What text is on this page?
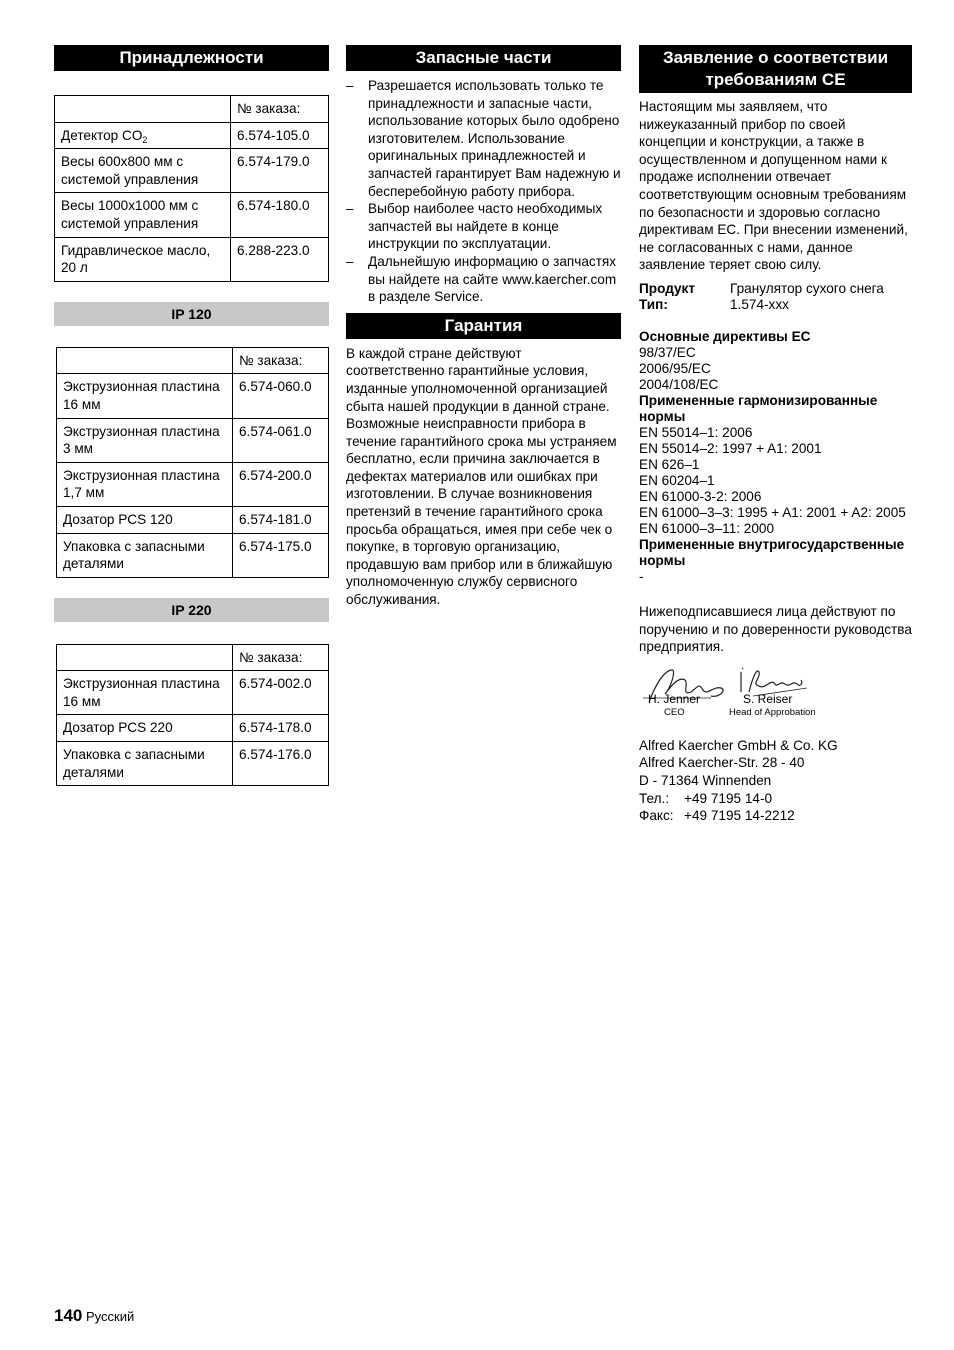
Принадлежности
	№ заказа:
Детектор $CO_2$	6.574-105.0
Весы 600x800 мм с системой управления	6.574-179.0
Весы 1000x1000 мм с системой управления	6.574-180.0
Гидравлическое масло, 20 л	6.288-223.0
IP 120
	№ заказа:
Экструзионная пластина 16 мм	6.574-060.0
Экструзионная пластина 3 мм	6.574-061.0
Экструзионная пластина 1,7 мм	6.574-200.0
Дозатор PCS 120	6.574-181.0
Упаковка с запасными деталями	6.574-175.0
IP 220
	№ заказа:
Экструзионная пластина 16 мм	6.574-002.0
Дозатор PCS 220	6.574-178.0
Упаковка с запасными деталями	6.574-176.0
Запасные части
– Разрешается использовать только те принадлежности и запасные части, использование которых было одобрено изготовителем. Использование оригинальных принадлежностей и запчастей гарантирует Вам надежную и бесперебойную работу прибора.
– Выбор наиболее часто необходимых запчастей вы найдете в конце инструкции по эксплуатации.
– Дальнейшую информацию о запчастях вы найдете на сайте www.kaercher.com в разделе Service.
Гарантия

В каждой стране действуют соответственно гарантийные условия, изданные уполномоченной организацией сбыта нашей продукции в данной стране. Возможные неисправности прибора в течение гарантийного срока мы устраняем бесплатно, если причина заключается в дефектах материалов или ошибках при изготовлении. В случае возникновения претензий в течение гарантийного срока просьба обращаться, имея при себе чек о покупке, в торговую организацию, продавшую вам прибор или в ближайшую уполномоченную службу сервисного обслуживания.

Заявление о соответствии требованиям CE

Настоящим мы заявляем, что нижеуказанный прибор по своей концепции и конструкции, а также в осуществленном и допущенном нами к продаже исполнении отвечает соответствующим основным требованиям по безопасности и здоровью согласно директивам ЕС. При внесении изменений, не согласованных с нами, данное заявление теряет свою силу.

Продукт	Гранулятор сухого снега
Тип:	1.574-xxx
Основные директивы ЕС
98/37/EC
2006/95/EC
2004/108/EC
Примененные гармонизированные нормы
EN 55014–1: 2006
EN 55014–2: 1997 + A1: 2001
EN 626–1
EN 60204–1
EN 61000-3-2: 2006
EN 61000–3–3: 1995 + A1: 2001 + A2: 2005
EN 61000–3–11: 2000
Примененные внутригосударственные нормы
-

Нижеподписавшиеся лица действуют по поручению и по доверенности руководства предприятия.

H. Jenner
CEO
S. Reiser
Head of Approbation
Alfred Kaercher GmbH & Co. KG
Alfred Kaercher-Str. 28 - 40
D - 71364 Winnenden
Тел.: +49 7195 14-0
Факс: +49 7195 14-2212
140 Русский
